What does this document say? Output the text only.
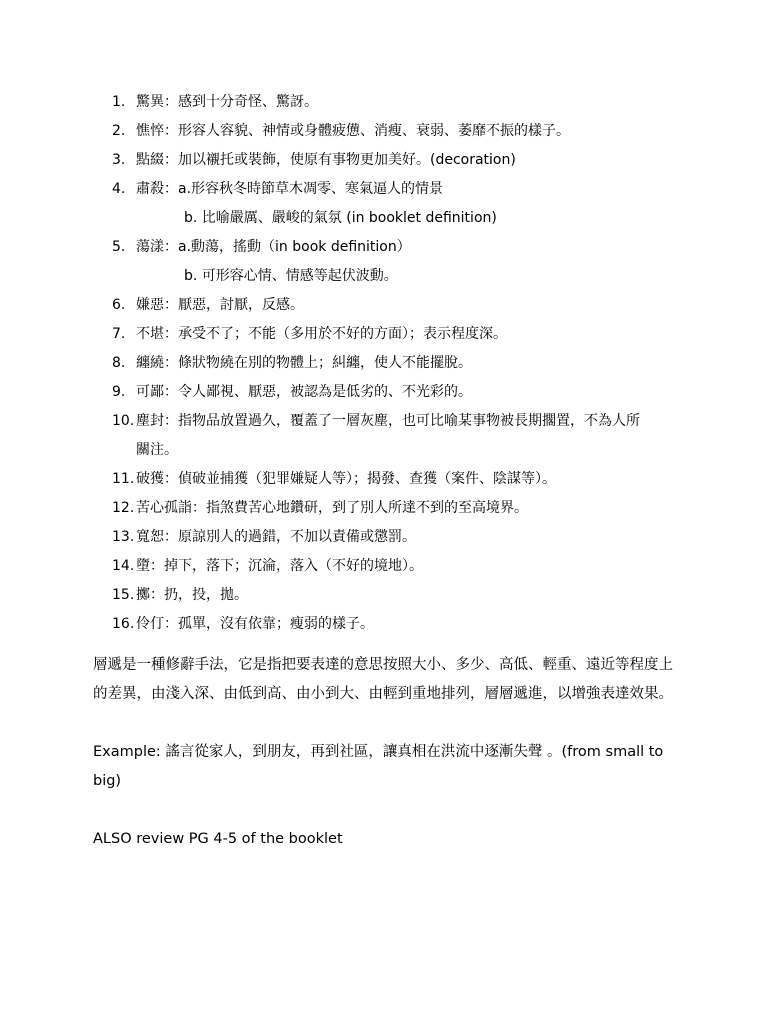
1. 驚異：感到十分奇怪、驚訝。
2. 憔悴：形容人容貌、神情或身體疲憊、消瘦、衰弱、萎靡不振的樣子。
3. 點綴：加以襯托或裝飾，使原有事物更加美好。(decoration)
4. 肅殺：a.形容秋冬時節草木凋零、寒氣逼人的情景
b. 比喻嚴厲、嚴峻的氣氛 (in booklet definition)
5. 蕩漾：a.動蕩，搖動（in book definition）
b. 可形容心情、情感等起伏波動。
6. 嫌惡：厭惡，討厭，反感。
7. 不堪：承受不了；不能（多用於不好的方面）；表示程度深。
8. 纏繞：條狀物繞在別的物體上；糾纏，使人不能擺脫。
9. 可鄙：令人鄙視、厭惡，被認為是低劣的、不光彩的。
10. 塵封：指物品放置過久，覆蓋了一層灰塵，也可比喻某事物被長期擱置，不為人所
關注。
11. 破獲：偵破並捕獲（犯罪嫌疑人等）；揭發、查獲（案件、陰謀等）。
12. 苦心孤詣：指煞費苦心地鑽研，到了別人所達不到的至高境界。
13. 寬恕：原諒別人的過錯，不加以責備或懲罰。
14. 墮：掉下，落下；沉淪，落入（不好的境地）。
15. 擲：扔，投，拋。
16. 伶仃：孤單，沒有依靠；瘦弱的樣子。

層遞是一種修辭手法，它是指把要表達的意思按照大小、多少、高低、輕重、遠近等程度上的差異，由淺入深、由低到高、由小到大、由輕到重地排列，層層遞進，以增強表達效果。

Example: 謠言從家人，到朋友，再到社區，讓真相在洪流中逐漸失聲 。(from small to big)

ALSO review PG 4-5 of the booklet
